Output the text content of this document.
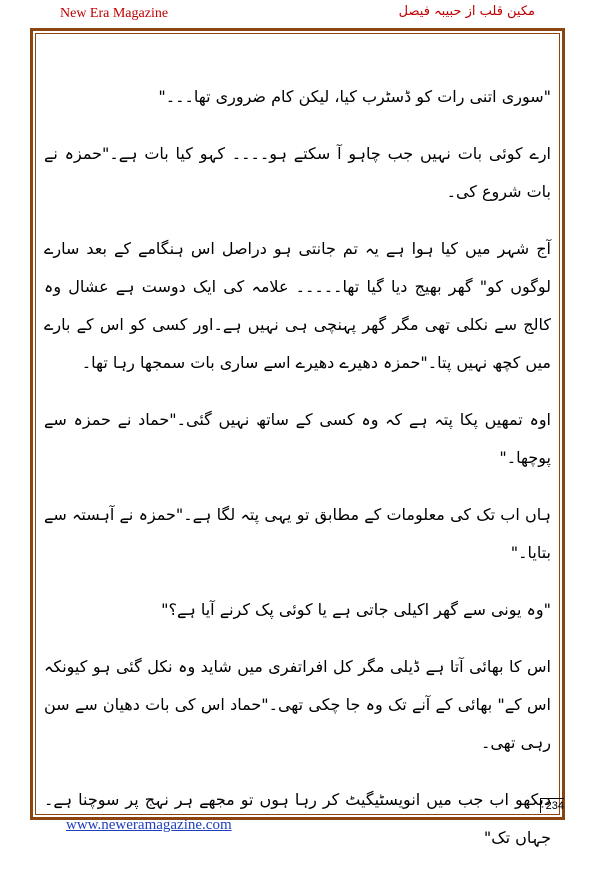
New Era Magazine	مکین قلب از حبیبہ فیصل

"سوری اتنی رات کو ڈسٹرب کیا، لیکن کام ضروری تھا۔۔۔"

ارے کوئی بات نہیں جب چاہو آ سکتے ہو۔۔۔۔ کہو کیا بات ہے۔"حمزہ نے بات شروع کی۔

آج شہر میں کیا ہوا ہے یہ تم جانتی ہو دراصل اس ہنگامے کے بعد سارے لوگوں کو" گھر بھیج دیا گیا تھا۔۔۔۔۔ علامہ کی ایک دوست ہے عشال وہ کالج سے نکلی تھی مگر گھر پہنچی ہی نہیں ہے۔اور کسی کو اس کے بارے میں کچھ نہیں پتا۔"حمزہ دھیرے دھیرے اسے ساری بات سمجھا رہا تھا۔

اوہ تمھیں پکا پتہ ہے کہ وہ کسی کے ساتھ نہیں گئی۔"حماد نے حمزہ سے پوچھا۔"

ہاں اب تک کی معلومات کے مطابق تو یہی پتہ لگا ہے۔"حمزہ نے آہستہ سے بتایا۔"

"وہ یونی سے گھر اکیلی جاتی ہے یا کوئی پک کرنے آیا ہے؟"

اس کا بھائی آتا ہے ڈیلی مگر کل افراتفری میں شاید وہ نکل گئی ہو کیونکہ اس کے" بھائی کے آنے تک وہ جا چکی تھی۔"حماد اس کی بات دھیان سے سن رہی تھی۔

دیکھو اب جب میں انویسٹیگیٹ کر رہا ہوں تو مجھے ہر نہج پر سوچنا ہے۔جہاں تک"

234
www.neweramagazine.com
